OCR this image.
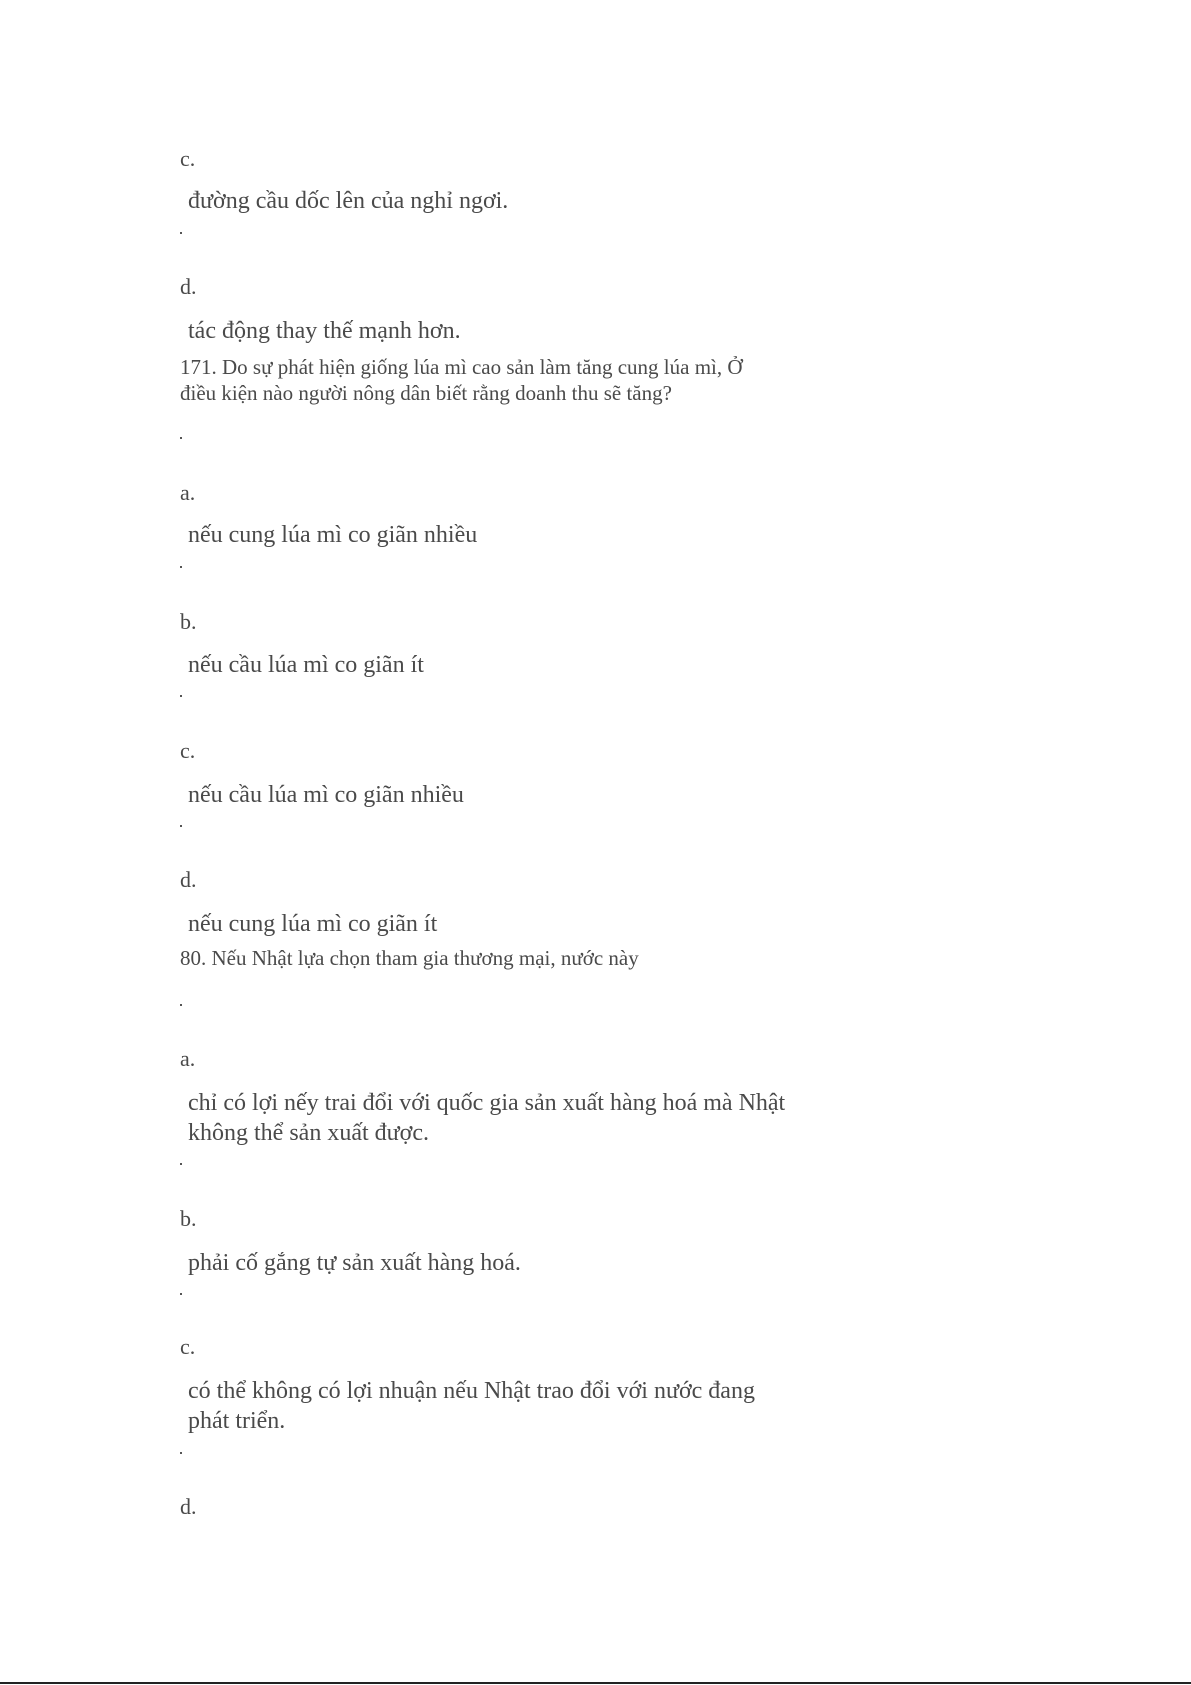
c.
đường cầu dốc lên của nghỉ ngơi.
d.
tác động thay thế mạnh hơn.
171. Do sự phát hiện giống lúa mì cao sản làm tăng cung lúa mì, Ở
điều kiện nào người nông dân biết rằng doanh thu sẽ tăng?
a.
nếu cung lúa mì co giãn nhiều
b.
nếu cầu lúa mì co giãn ít
c.
nếu cầu lúa mì co giãn nhiều
d.
nếu cung lúa mì co giãn ít
80. Nếu Nhật lựa chọn tham gia thương mại, nước này
a.
chỉ có lợi nếy trai đổi với quốc gia sản xuất hàng hoá mà Nhật
không thể sản xuất được.
b.
phải cố gắng tự sản xuất hàng hoá.
c.
có thể không có lợi nhuận nếu Nhật trao đổi với nước đang
phát triển.
d.
